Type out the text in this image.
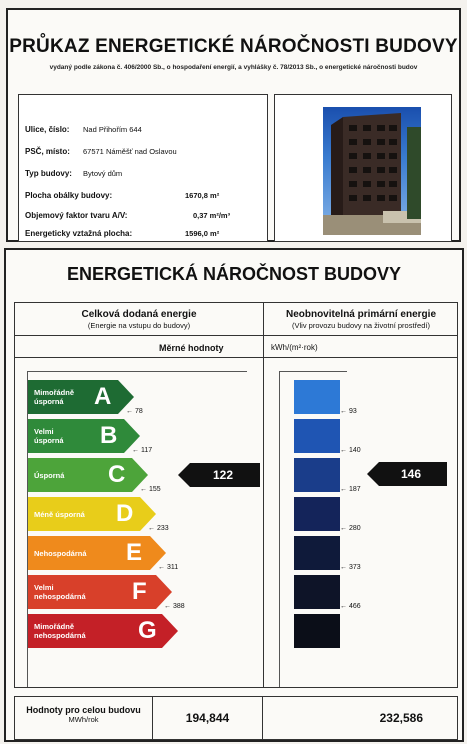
PRŮKAZ ENERGETICKÉ NÁROČNOSTI BUDOVY
vydaný podle zákona č. 406/2000 Sb., o hospodaření energií, a vyhlášky č. 78/2013 Sb., o energetické náročnosti budov
Ulice, číslo: Nad Přihořím 644
PSČ, místo: 67571 Náměšť nad Oslavou
Typ budovy: Bytový dům
Plocha obálky budovy:	1670,8 m²
Objemový faktor tvaru A/V:	0,37 m²/m³
Energeticky vztažná plocha:	1596,0 m²
ENERGETICKÁ NÁROČNOST BUDOVY
Celková dodaná energie
(Energie na vstupu do budovy)
Neobnovitelná primární energie
(Vliv provozu budovy na životní prostředí)
Měrné hodnoty	kWh/(m²·rok)
Mimořádně
úsporná	A
Velmi
úsporná B
Úsporná C
Méně úsporná D
Nehospodárná E
Velmi
nehospodárná F
Mimořádně
nehospodárná G
← 78
← 117
← 155
← 233
← 311
← 388
122
← 93
← 140
← 187
← 280
← 373
← 466
146
Hodnoty pro celou budovu
MWh/rok	194,844	232,586
